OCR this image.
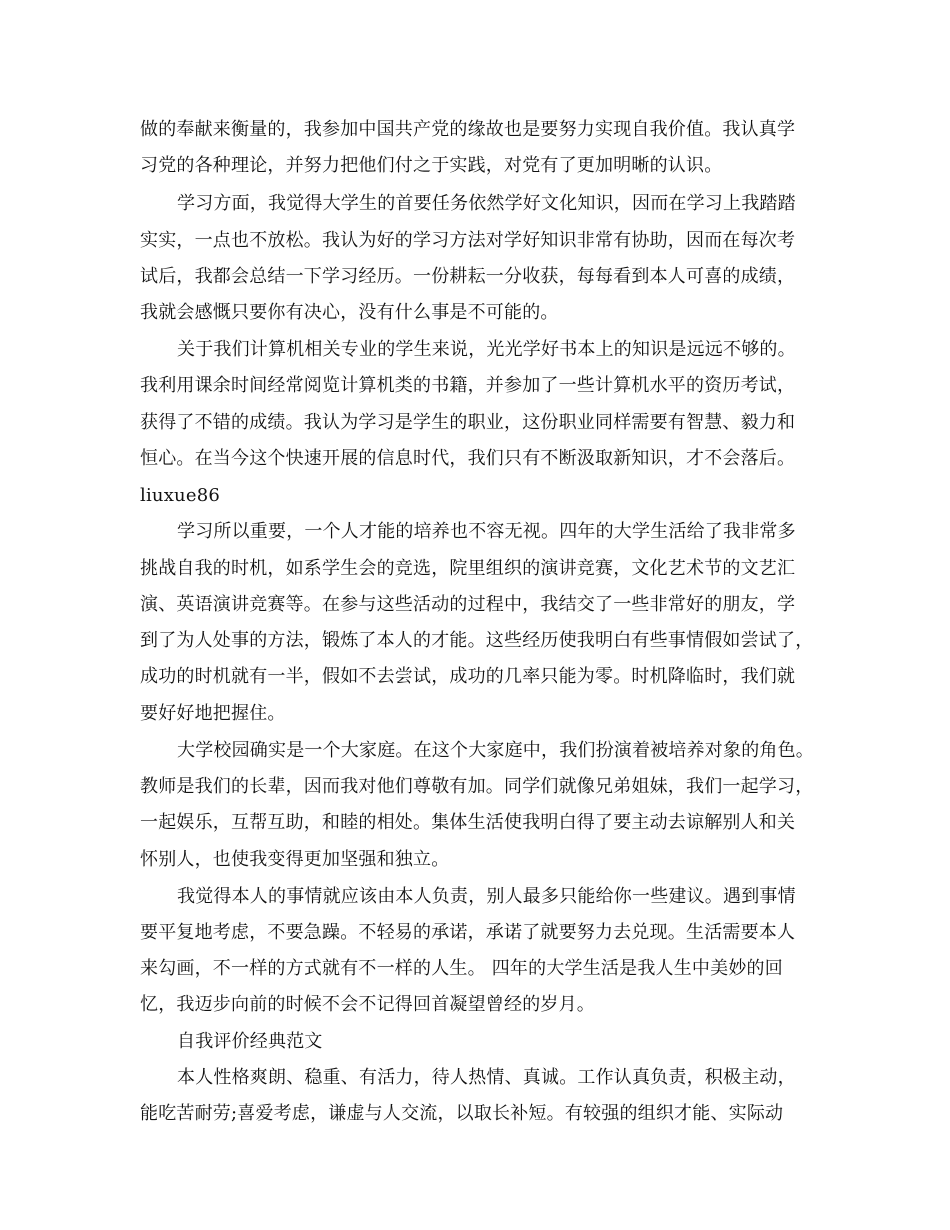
做的奉献来衡量的，我参加中国共产党的缘故也是要努力实现自我价值。我认真学
习党的各种理论，并努力把他们付之于实践，对党有了更加明晰的认识。
学习方面，我觉得大学生的首要任务依然学好文化知识，因而在学习上我踏踏
实实，一点也不放松。我认为好的学习方法对学好知识非常有协助，因而在每次考
试后，我都会总结一下学习经历。一份耕耘一分收获，每每看到本人可喜的成绩，
我就会感慨只要你有决心，没有什么事是不可能的。
关于我们计算机相关专业的学生来说，光光学好书本上的知识是远远不够的。
我利用课余时间经常阅览计算机类的书籍，并参加了一些计算机水平的资历考试，
获得了不错的成绩。我认为学习是学生的职业，这份职业同样需要有智慧、毅力和
恒心。在当今这个快速开展的信息时代，我们只有不断汲取新知识，才不会落后。
liuxue86
学习所以重要，一个人才能的培养也不容无视。四年的大学生活给了我非常多
挑战自我的时机，如系学生会的竞选，院里组织的演讲竞赛，文化艺术节的文艺汇
演、英语演讲竞赛等。在参与这些活动的过程中，我结交了一些非常好的朋友，学
到了为人处事的方法，锻炼了本人的才能。这些经历使我明白有些事情假如尝试了，
成功的时机就有一半，假如不去尝试，成功的几率只能为零。时机降临时，我们就
要好好地把握住。
大学校园确实是一个大家庭。在这个大家庭中，我们扮演着被培养对象的角色。
教师是我们的长辈，因而我对他们尊敬有加。同学们就像兄弟姐妹，我们一起学习，
一起娱乐，互帮互助，和睦的相处。集体生活使我明白得了要主动去谅解别人和关
怀别人，也使我变得更加坚强和独立。
我觉得本人的事情就应该由本人负责，别人最多只能给你一些建议。遇到事情
要平复地考虑，不要急躁。不轻易的承诺，承诺了就要努力去兑现。生活需要本人
来勾画，不一样的方式就有不一样的人生。 四年的大学生活是我人生中美妙的回
忆，我迈步向前的时候不会不记得回首凝望曾经的岁月。
自我评价经典范文
本人性格爽朗、稳重、有活力，待人热情、真诚。工作认真负责，积极主动，
能吃苦耐劳;喜爱考虑，谦虚与人交流，以取长补短。有较强的组织才能、实际动
